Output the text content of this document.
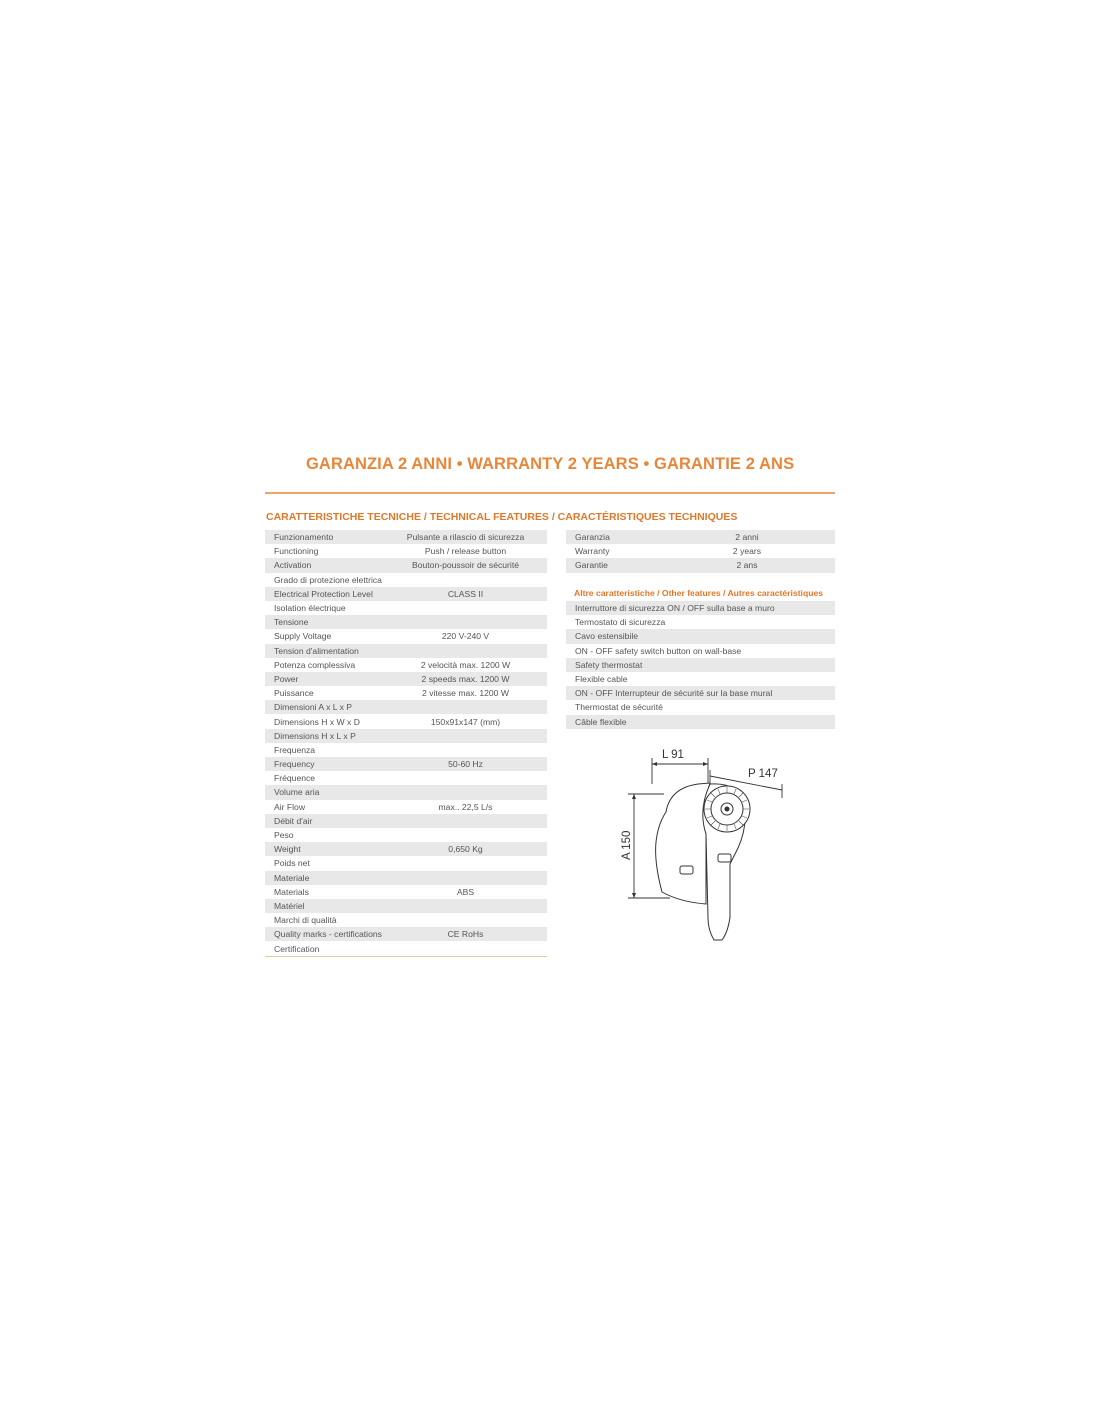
GARANZIA 2 ANNI • WARRANTY 2 YEARS • GARANTIE 2 ANS
CARATTERISTICHE TECNICHE / TECHNICAL FEATURES / CARACTÉRISTIQUES TECHNIQUES
Funzionamento	Pulsante a rilascio di sicurezza
Functioning	Push / release button
Activation	Bouton-poussoir de sécurité
Grado di protezione elettrica
Electrical Protection Level	CLASS II
Isolation électrique
Tensione
Supply Voltage	220 V-240 V
Tension d'alimentation
Potenza complessiva	2 velocità max. 1200 W
Power	2 speeds max. 1200 W
Puissance	2 vitesse max. 1200 W
Dimensioni A x L x P
Dimensions H x W x D	150x91x147 (mm)
Dimensions H x L x P
Frequenza
Frequency	50-60 Hz
Fréquence
Volume aria
Air Flow	max.. 22,5 L/s
Débit d'air
Peso
Weight	0,650 Kg
Poids net
Materiale
Materials	ABS
Matériel
Marchi di qualità
Quality marks - certifications	CE RoHs
Certification
Garanzia	2 anni
Warranty	2 years
Garantie	2 ans
Altre caratteristiche / Other features / Autres caractéristiques
Interruttore di sicurezza ON / OFF sulla base a muro
Termostato di sicurezza
Cavo estensibile
ON - OFF safety switch button on wall-base
Safety thermostat
Flexible cable
ON - OFF Interrupteur de sécurité sur la base mural
Thermostat de sécurité
Câble flexible
L 91
P 147
A 150
